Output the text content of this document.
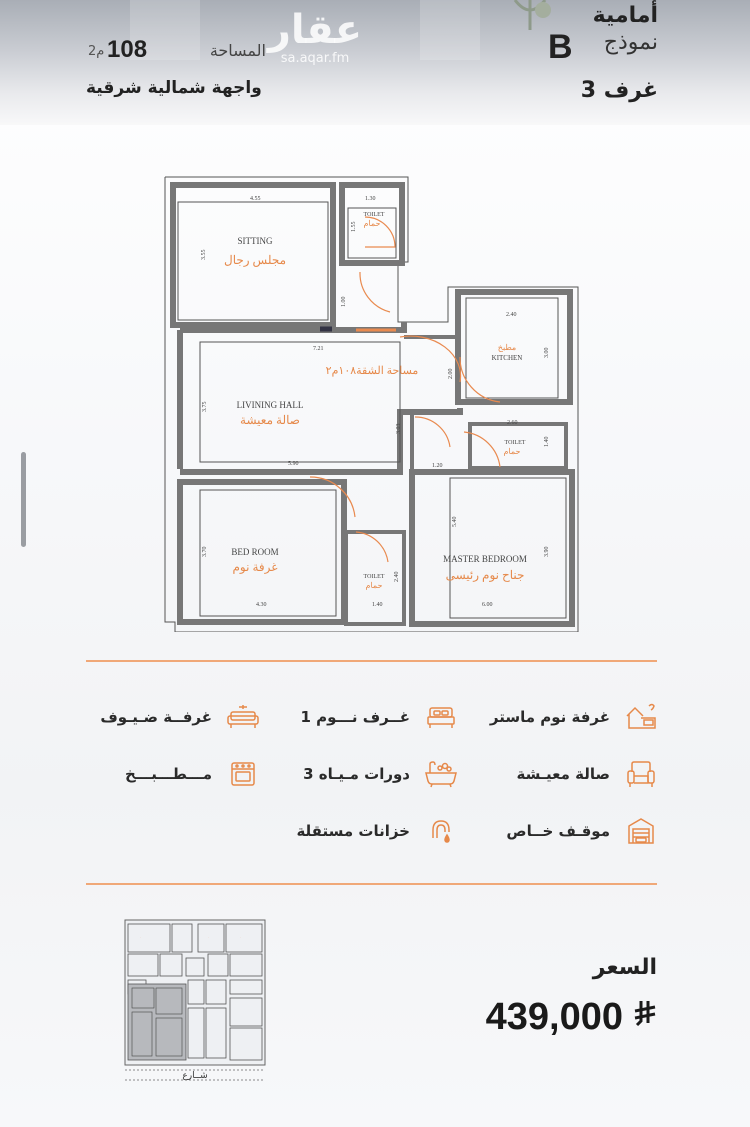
عقار
sa.aqar.fm
أمامية
B نموذج
3 غرف
2م 108	المساحة
واجهة شمالية شرقية
4.55	1.30
3.55
1.55
1.00
2.40
3.00
7.21
2.00
3.75
3.03
2.60
1.40
5.90	1.20
5.40
3.70
2.40
3.90
4.30	1.40	6.00
SITTING
مجلس رجال
TOILET
حمام
مطبخ
KITCHEN
مساحة الشقة١٠٨م٢
LIVINING HALL
صالة معيشة
TOILET
حمام
BED ROOM
غرفة نوم
MASTER BEDROOM
جناح نوم رئيسى
TOILET
حمام
غرفة نوم ماستر
1 غــرف نـــوم
غرفــة ضـيـوف
صالة معيـشة
3 دورات مـيـاه
مـــطـــبـــخ
موقـف خــاص
خزانات مستقلة
·	·	·
شــارع
السعر
439,000
